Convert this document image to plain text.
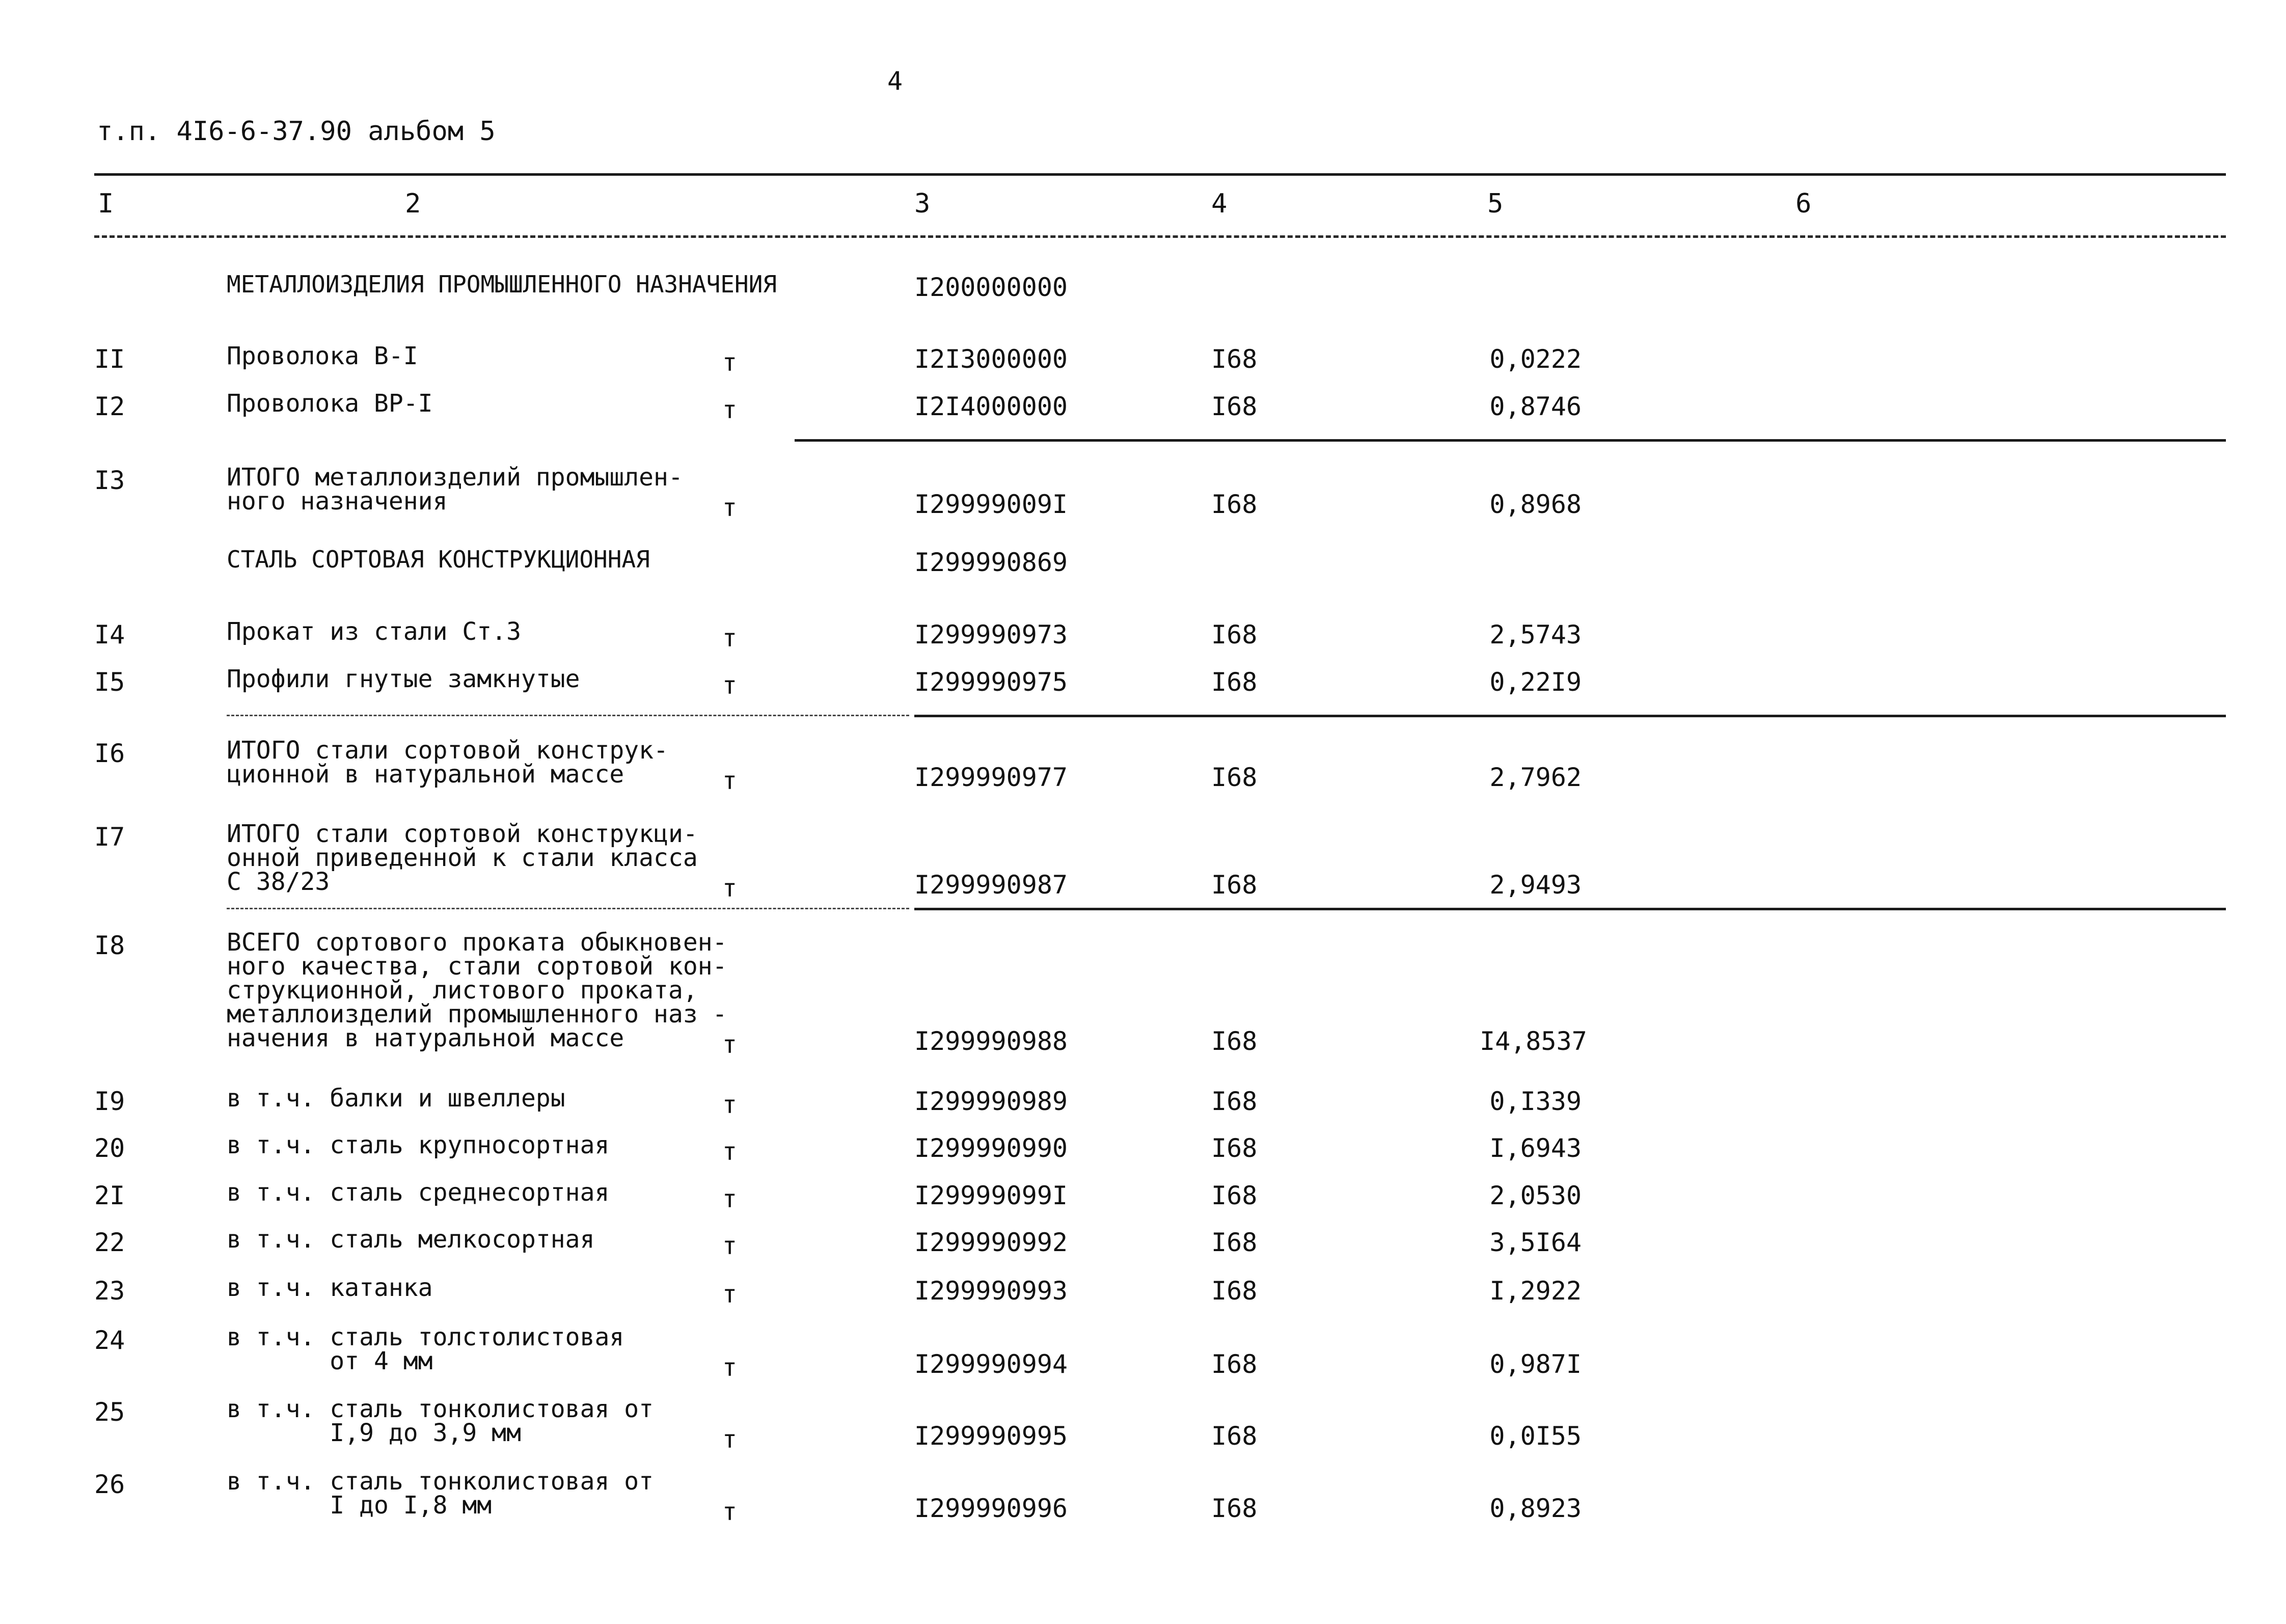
4
т.п. 4I6-6-37.90 альбом 5
I	2	3	4	5	6
МЕТАЛЛОИЗДЕЛИЯ ПРОМЫШЛЕННОГО НАЗНАЧЕНИЯ	I200000000
II	Проволока В-I	т	I2I3000000	I68	0,0222
I2	Проволока ВР-I	т	I2I4000000	I68	0,8746
I3	ИТОГО металлоизделий промышлен-
ного назначения	т	I29999009I	I68	0,8968
СТАЛЬ СОРТОВАЯ КОНСТРУКЦИОННАЯ	I299990869
I4	Прокат из стали Ст.3	т	I299990973	I68	2,5743
I5	Профили гнутые замкнутые	т	I299990975	I68	0,22I9
I6	ИТОГО стали сортовой конструк-
ционной в натуральной массе	т	I299990977	I68	2,7962
I7	ИТОГО стали сортовой конструкци-
онной приведенной к стали класса
С 38/23	т	I299990987	I68	2,9493
I8	ВСЕГО сортового проката обыкновен-
ного качества, стали сортовой кон-
струкционной, листового проката,
металлоизделий промышленного наз -
начения в натуральной массе	т	I299990988	I68	I4,8537
I9	в т.ч. балки и швеллеры	т	I299990989	I68	0,I339
20	в т.ч. сталь крупносортная	т	I299990990	I68	I,6943
2I	в т.ч. сталь среднесортная	т	I29999099I	I68	2,0530
22	в т.ч. сталь мелкосортная	т	I299990992	I68	3,5I64
23	в т.ч. катанка	т	I299990993	I68	I,2922
24	в т.ч. сталь толстолистовая
от 4 мм	т	I299990994	I68	0,987I
25	в т.ч. сталь тонколистовая от
I,9 до 3,9 мм	т	I299990995	I68	0,0I55
26	в т.ч. сталь тонколистовая от
I до I,8 мм	т	I299990996	I68	0,8923
